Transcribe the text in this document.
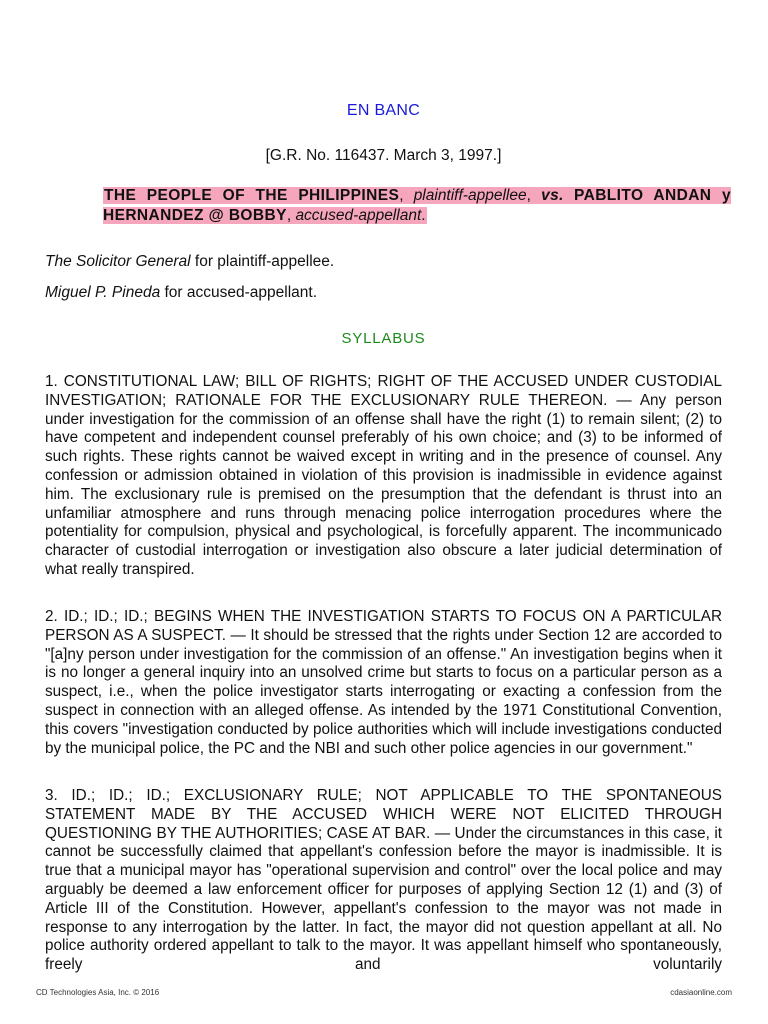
EN BANC
[G.R. No. 116437. March 3, 1997.]
THE PEOPLE OF THE PHILIPPINES, plaintiff-appellee, vs. PABLITO ANDAN y HERNANDEZ @ BOBBY, accused-appellant.
The Solicitor General for plaintiff-appellee.
Miguel P. Pineda for accused-appellant.
SYLLABUS

1. CONSTITUTIONAL LAW; BILL OF RIGHTS; RIGHT OF THE ACCUSED UNDER CUSTODIAL INVESTIGATION; RATIONALE FOR THE EXCLUSIONARY RULE THEREON. — Any person under investigation for the commission of an offense shall have the right (1) to remain silent; (2) to have competent and independent counsel preferably of his own choice; and (3) to be informed of such rights. These rights cannot be waived except in writing and in the presence of counsel. Any confession or admission obtained in violation of this provision is inadmissible in evidence against him. The exclusionary rule is premised on the presumption that the defendant is thrust into an unfamiliar atmosphere and runs through menacing police interrogation procedures where the potentiality for compulsion, physical and psychological, is forcefully apparent. The incommunicado character of custodial interrogation or investigation also obscure a later judicial determination of what really transpired.

2. ID.; ID.; ID.; BEGINS WHEN THE INVESTIGATION STARTS TO FOCUS ON A PARTICULAR PERSON AS A SUSPECT. — It should be stressed that the rights under Section 12 are accorded to "[a]ny person under investigation for the commission of an offense." An investigation begins when it is no longer a general inquiry into an unsolved crime but starts to focus on a particular person as a suspect, i.e., when the police investigator starts interrogating or exacting a confession from the suspect in connection with an alleged offense. As intended by the 1971 Constitutional Convention, this covers "investigation conducted by police authorities which will include investigations conducted by the municipal police, the PC and the NBI and such other police agencies in our government."

3. ID.; ID.; ID.; EXCLUSIONARY RULE; NOT APPLICABLE TO THE SPONTANEOUS STATEMENT MADE BY THE ACCUSED WHICH WERE NOT ELICITED THROUGH QUESTIONING BY THE AUTHORITIES; CASE AT BAR. — Under the circumstances in this case, it cannot be successfully claimed that appellant's confession before the mayor is inadmissible. It is true that a municipal mayor has "operational supervision and control" over the local police and may arguably be deemed a law enforcement officer for purposes of applying Section 12 (1) and (3) of Article III of the Constitution. However, appellant's confession to the mayor was not made in response to any interrogation by the latter. In fact, the mayor did not question appellant at all. No police authority ordered appellant to talk to the mayor. It was appellant himself who spontaneously, freely and voluntarily

CD Technologies Asia, Inc. © 2016	cdasiaonline.com
